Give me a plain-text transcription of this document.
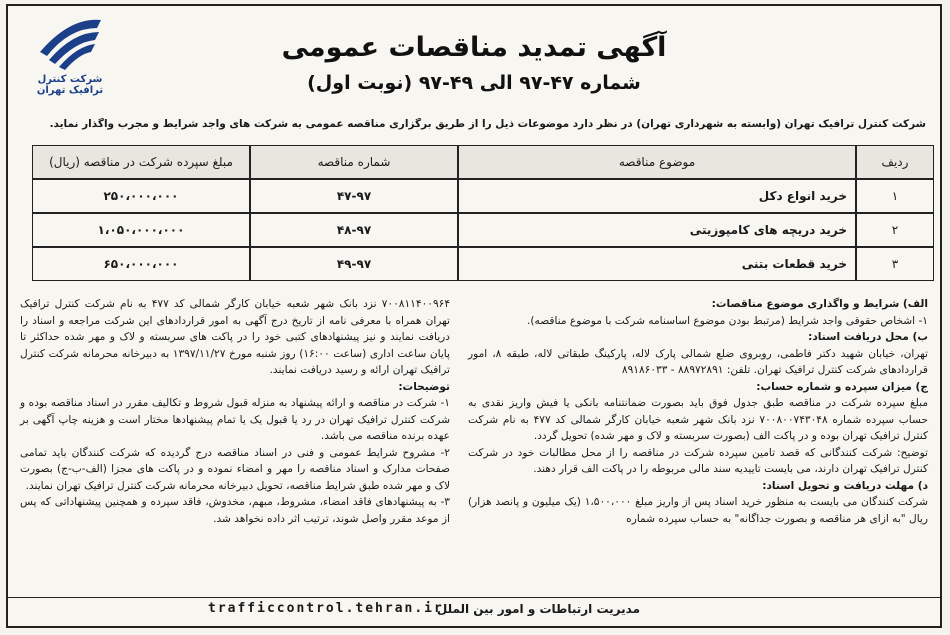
شرکت کنترل ترافیک تهران
آگهی تمدید مناقصات عمومی
شماره ۴۷-۹۷ الی ۴۹-۹۷ (نوبت اول)
شرکت کنترل ترافیک تهران (وابسته به شهرداری تهران) در نظر دارد موضوعات ذیل را از طریق برگزاری مناقصه عمومی به شرکت های واجد شرایط و مجرب واگذار نماید.
ردیف	موضوع مناقصه	شماره مناقصه	مبلغ سپرده شرکت در مناقصه (ریال)
۱	خرید انواع دکل	۴۷-۹۷	۲۵۰،۰۰۰،۰۰۰
۲	خرید دریچه های کامپوزیتی	۴۸-۹۷	۱،۰۵۰،۰۰۰،۰۰۰
۳	خرید قطعات بتنی	۴۹-۹۷	۶۵۰،۰۰۰،۰۰۰

الف) شرایط و واگذاری موضوع مناقصات:

۱- اشخاص حقوقی واجد شرایط (مرتبط بودن موضوع اساسنامه شرکت با موضوع مناقصه).

ب) محل دریافت اسناد:

تهران، خیابان شهید دکتر فاطمی، روبروی ضلع شمالی پارک لاله، پارکینگ طبقاتی لاله، طبقه ۸، امور قراردادهای شرکت کنترل ترافیک تهران. تلفن: ۸۸۹۷۲۸۹۱ - ۸۹۱۸۶۰۳۳

ج) میزان سپرده و شماره حساب:

مبلغ سپرده شرکت در مناقصه طبق جدول فوق باید بصورت ضمانتنامه بانکی یا فیش واریز نقدی به حساب سپرده شماره ۷۰۰۸۰۰۷۴۳۰۴۸ نزد بانک شهر شعبه خیابان کارگر شمالی کد ۴۷۷ به نام شرکت کنترل ترافیک تهران بوده و در پاکت الف (بصورت سربسته و لاک و مهر شده) تحویل گردد.

توضیح: شرکت کنندگانی که قصد تامین سپرده شرکت در مناقصه را از محل مطالبات خود در شرکت کنترل ترافیک تهران دارند، می بایست تاییدیه سند مالی مربوطه را در پاکت الف قرار دهند.

د) مهلت دریافت و تحویل اسناد:

شرکت کنندگان می بایست به منظور خرید اسناد پس از واریز مبلغ ۱،۵۰۰،۰۰۰ (یک میلیون و پانصد هزار) ریال "به ازای هر مناقصه و بصورت جداگانه" به حساب سپرده شماره

۷۰۰۸۱۱۴۰۰۹۶۴ نزد بانک شهر شعبه خیابان کارگر شمالی کد ۴۷۷ به نام شرکت کنترل ترافیک تهران همراه با معرفی نامه از تاریخ درج آگهی به امور قراردادهای این شرکت مراجعه و اسناد را دریافت نمایند و نیز پیشنهادهای کتبی خود را در پاکت های سربسته و لاک و مهر شده حداکثر تا پایان ساعت اداری (ساعت ۱۶:۰۰) روز شنبه مورخ ۱۳۹۷/۱۱/۲۷ به دبیرخانه محرمانه شرکت کنترل ترافیک تهران ارائه و رسید دریافت نمایند.

توضیحات:

۱- شرکت در مناقصه و ارائه پیشنهاد به منزله قبول شروط و تکالیف مقرر در اسناد مناقصه بوده و شرکت کنترل ترافیک تهران در رد یا قبول یک یا تمام پیشنهادها مختار است و هزینه چاپ آگهی بر عهده برنده مناقصه می باشد.

۲- مشروح شرایط عمومی و فنی در اسناد مناقصه درج گردیده که شرکت کنندگان باید تمامی صفحات مدارک و اسناد مناقصه را مهر و امضاء نموده و در پاکت های مجزا (الف-ب-ج) بصورت لاک و مهر شده طبق شرایط مناقصه، تحویل دبیرخانه محرمانه شرکت کنترل ترافیک تهران نمایند.

۳- به پیشنهادهای فاقد امضاء، مشروط، مبهم، مخدوش، فاقد سپرده و همچنین پیشنهاداتی که پس از موعد مقرر واصل شوند، ترتیب اثر داده نخواهد شد.

مدیریت ارتباطات و امور بین الملل
trafficcontrol.tehran.ir
